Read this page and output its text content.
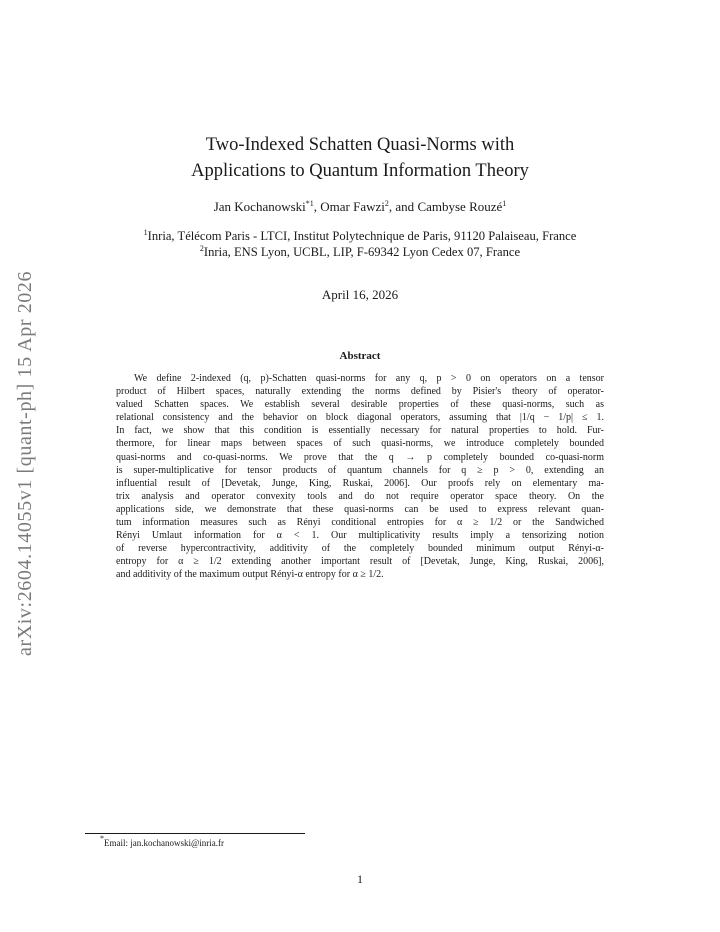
arXiv:2604.14055v1 [quant-ph] 15 Apr 2026
Two-Indexed Schatten Quasi-Norms with
Applications to Quantum Information Theory
Jan Kochanowski$^{*1}$, Omar Fawzi$^2$, and Cambyse Rouzé$^1$
$^1$Inria, Télécom Paris - LTCI, Institut Polytechnique de Paris, 91120 Palaiseau, France
$^2$Inria, ENS Lyon, UCBL, LIP, F-69342 Lyon Cedex 07, France
April 16, 2026
Abstract
We define 2-indexed (q, p)-Schatten quasi-norms for any q, p > 0 on operators on a tensor
product of Hilbert spaces, naturally extending the norms defined by Pisier's theory of operator-
valued Schatten spaces. We establish several desirable properties of these quasi-norms, such as
relational consistency and the behavior on block diagonal operators, assuming that |1/q − 1/p| ≤ 1.
In fact, we show that this condition is essentially necessary for natural properties to hold. Fur-
thermore, for linear maps between spaces of such quasi-norms, we introduce completely bounded
quasi-norms and co-quasi-norms. We prove that the q → p completely bounded co-quasi-norm
is super-multiplicative for tensor products of quantum channels for q ≥ p > 0, extending an
influential result of [Devetak, Junge, King, Ruskai, 2006]. Our proofs rely on elementary ma-
trix analysis and operator convexity tools and do not require operator space theory. On the
applications side, we demonstrate that these quasi-norms can be used to express relevant quan-
tum information measures such as Rényi conditional entropies for α ≥ 1/2 or the Sandwiched
Rényi Umlaut information for α < 1. Our multiplicativity results imply a tensorizing notion
of reverse hypercontractivity, additivity of the completely bounded minimum output Rényi-α-
entropy for α ≥ 1/2 extending another important result of [Devetak, Junge, King, Ruskai, 2006],
and additivity of the maximum output Rényi-α entropy for α ≥ 1/2.
*Email: jan.kochanowski@inria.fr
1
